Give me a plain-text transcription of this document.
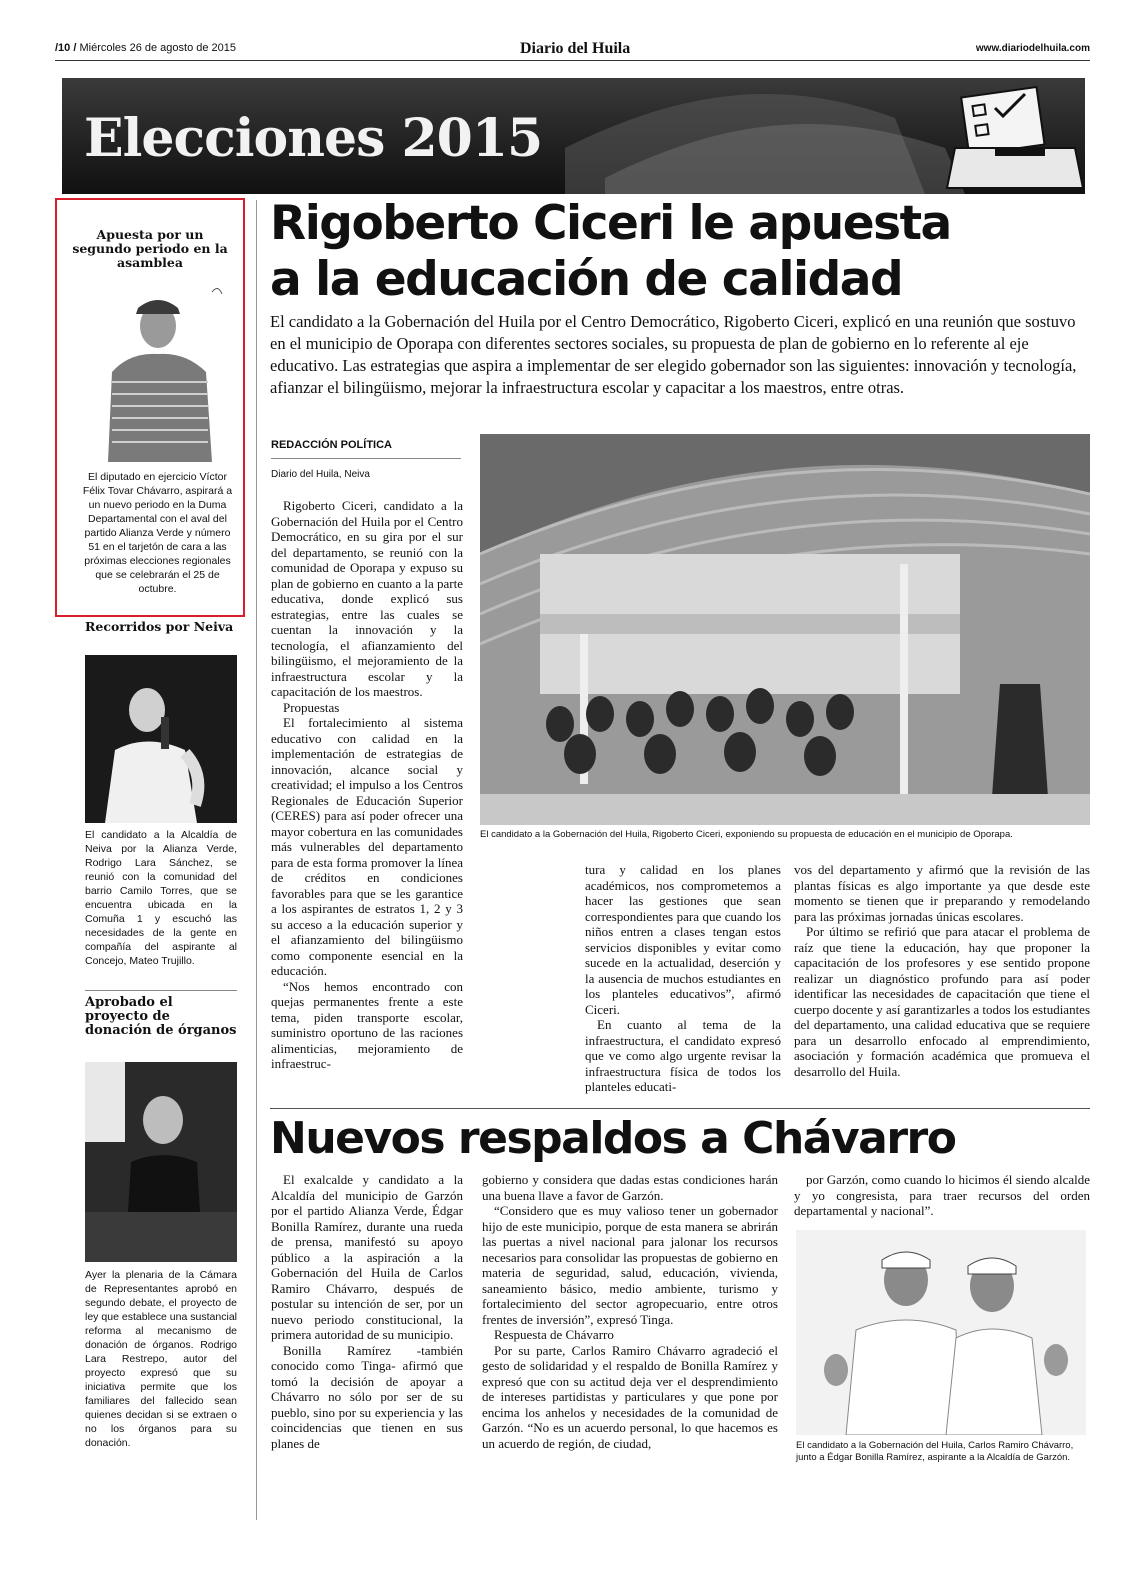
/10 / Miércoles 26 de agosto de 2015	Diario del Huila	www.diariodelhuila.com
Elecciones 2015
Apuesta por un segundo periodo en la asamblea
El diputado en ejercicio Víctor Félix Tovar Chávarro, aspirará a un nuevo periodo en la Duma Departamental con el aval del partido Alianza Verde y número 51 en el tarjetón de cara a las próximas elecciones regionales que se celebrarán el 25 de octubre.
Recorridos por Neiva
El candidato a la Alcaldía de Neiva por la Alianza Verde, Rodrigo Lara Sánchez, se reunió con la comunidad del barrio Camilo Torres, que se encuentra ubicada en la Comuña 1 y escuchó las necesidades de la gente en compañía del aspirante al Concejo, Mateo Trujillo.
Aprobado el proyecto de donación de órganos
Ayer la plenaria de la Cámara de Representantes aprobó en segundo debate, el proyecto de ley que establece una sustancial reforma al mecanismo de donación de órganos. Rodrigo Lara Restrepo, autor del proyecto expresó que su iniciativa permite que los familiares del fallecido sean quienes decidan si se extraen o no los órganos para su donación.
Rigoberto Ciceri le apuesta
a la educación de calidad
El candidato a la Gobernación del Huila por el Centro Democrático, Rigoberto Ciceri, explicó en una reunión que sostuvo en el municipio de Oporapa con diferentes sectores sociales, su propuesta de plan de gobierno en lo referente al eje educativo. Las estrategias que aspira a implementar de ser elegido gobernador son las siguientes: innovación y tecnología, afianzar el bilingüismo, mejorar la infraestructura escolar y capacitar a los maestros, entre otras.
REDACCIÓN POLÍTICA
Diario del Huila, Neiva

Rigoberto Ciceri, candidato a la Gobernación del Huila por el Centro Democrático, en su gira por el sur del departamento, se reunió con la comunidad de Oporapa y expuso su plan de gobierno en cuanto a la parte educativa, donde explicó sus estrategias, entre las cuales se cuentan la innovación y la tecnología, el afianzamiento del bilingüismo, el mejoramiento de la infraestructura escolar y la capacitación de los maestros.

Propuestas

El fortalecimiento al sistema educativo con calidad en la implementación de estrategias de innovación, alcance social y creatividad; el impulso a los Centros Regionales de Educación Superior (CERES) para así poder ofrecer una mayor cobertura en las comunidades más vulnerables del departamento para de esta forma promover la línea de créditos en condiciones favorables para que se les garantice a los aspirantes de estratos 1, 2 y 3 su acceso a la educación superior y el afianzamiento del bilingüismo como componente esencial en la educación.

“Nos hemos encontrado con quejas permanentes frente a este tema, piden transporte escolar, suministro oportuno de las raciones alimenticias, mejoramiento de infraestruc-

El candidato a la Gobernación del Huila, Rigoberto Ciceri, exponiendo su propuesta de educación en el municipio de Oporapa.

tura y calidad en los planes académicos, nos comprometemos a hacer las gestiones que sean correspondientes para que cuando los niños entren a clases tengan estos servicios disponibles y evitar como sucede en la actualidad, deserción y la ausencia de muchos estudiantes en los planteles educativos”, afirmó Ciceri.

En cuanto al tema de la infraestructura, el candidato expresó que ve como algo urgente revisar la infraestructura física de todos los planteles educati-

vos del departamento y afirmó que la revisión de las plantas físicas es algo importante ya que desde este momento se tienen que ir preparando y remodelando para las próximas jornadas únicas escolares.

Por último se refirió que para atacar el problema de raíz que tiene la educación, hay que proponer la capacitación de los profesores y ese sentido propone realizar un diagnóstico profundo para así poder identificar las necesidades de capacitación que tiene el cuerpo docente y así garantizarles a todos los estudiantes del departamento, una calidad educativa que se requiere para un desarrollo enfocado al emprendimiento, asociación y formación académica que promueva el desarrollo del Huila.

Nuevos respaldos a Chávarro

El exalcalde y candidato a la Alcaldía del municipio de Garzón por el partido Alianza Verde, Édgar Bonilla Ramírez, durante una rueda de prensa, manifestó su apoyo público a la aspiración a la Gobernación del Huila de Carlos Ramiro Chávarro, después de postular su intención de ser, por un nuevo periodo constitucional, la primera autoridad de su municipio.

Bonilla Ramírez -también conocido como Tinga- afirmó que tomó la decisión de apoyar a Chávarro no sólo por ser de su pueblo, sino por su experiencia y las coincidencias que tienen en sus planes de

gobierno y considera que dadas estas condiciones harán una buena llave a favor de Garzón.

“Considero que es muy valioso tener un gobernador hijo de este municipio, porque de esta manera se abrirán las puertas a nivel nacional para jalonar los recursos necesarios para consolidar las propuestas de gobierno en materia de seguridad, salud, educación, vivienda, saneamiento básico, medio ambiente, turismo y fortalecimiento del sector agropecuario, entre otros frentes de inversión”, expresó Tinga.

Respuesta de Chávarro

Por su parte, Carlos Ramiro Chávarro agradeció el gesto de solidaridad y el respaldo de Bonilla Ramírez y expresó que con su actitud deja ver el desprendimiento de intereses partidistas y particulares y que pone por encima los anhelos y necesidades de la comunidad de Garzón. “No es un acuerdo personal, lo que hacemos es un acuerdo de región, de ciudad,

por Garzón, como cuando lo hicimos él siendo alcalde y yo congresista, para traer recursos del orden departamental y nacional”.

El candidato a la Gobernación del Huila, Carlos Ramiro Chávarro, junto a Édgar Bonilla Ramírez, aspirante a la Alcaldía de Garzón.
